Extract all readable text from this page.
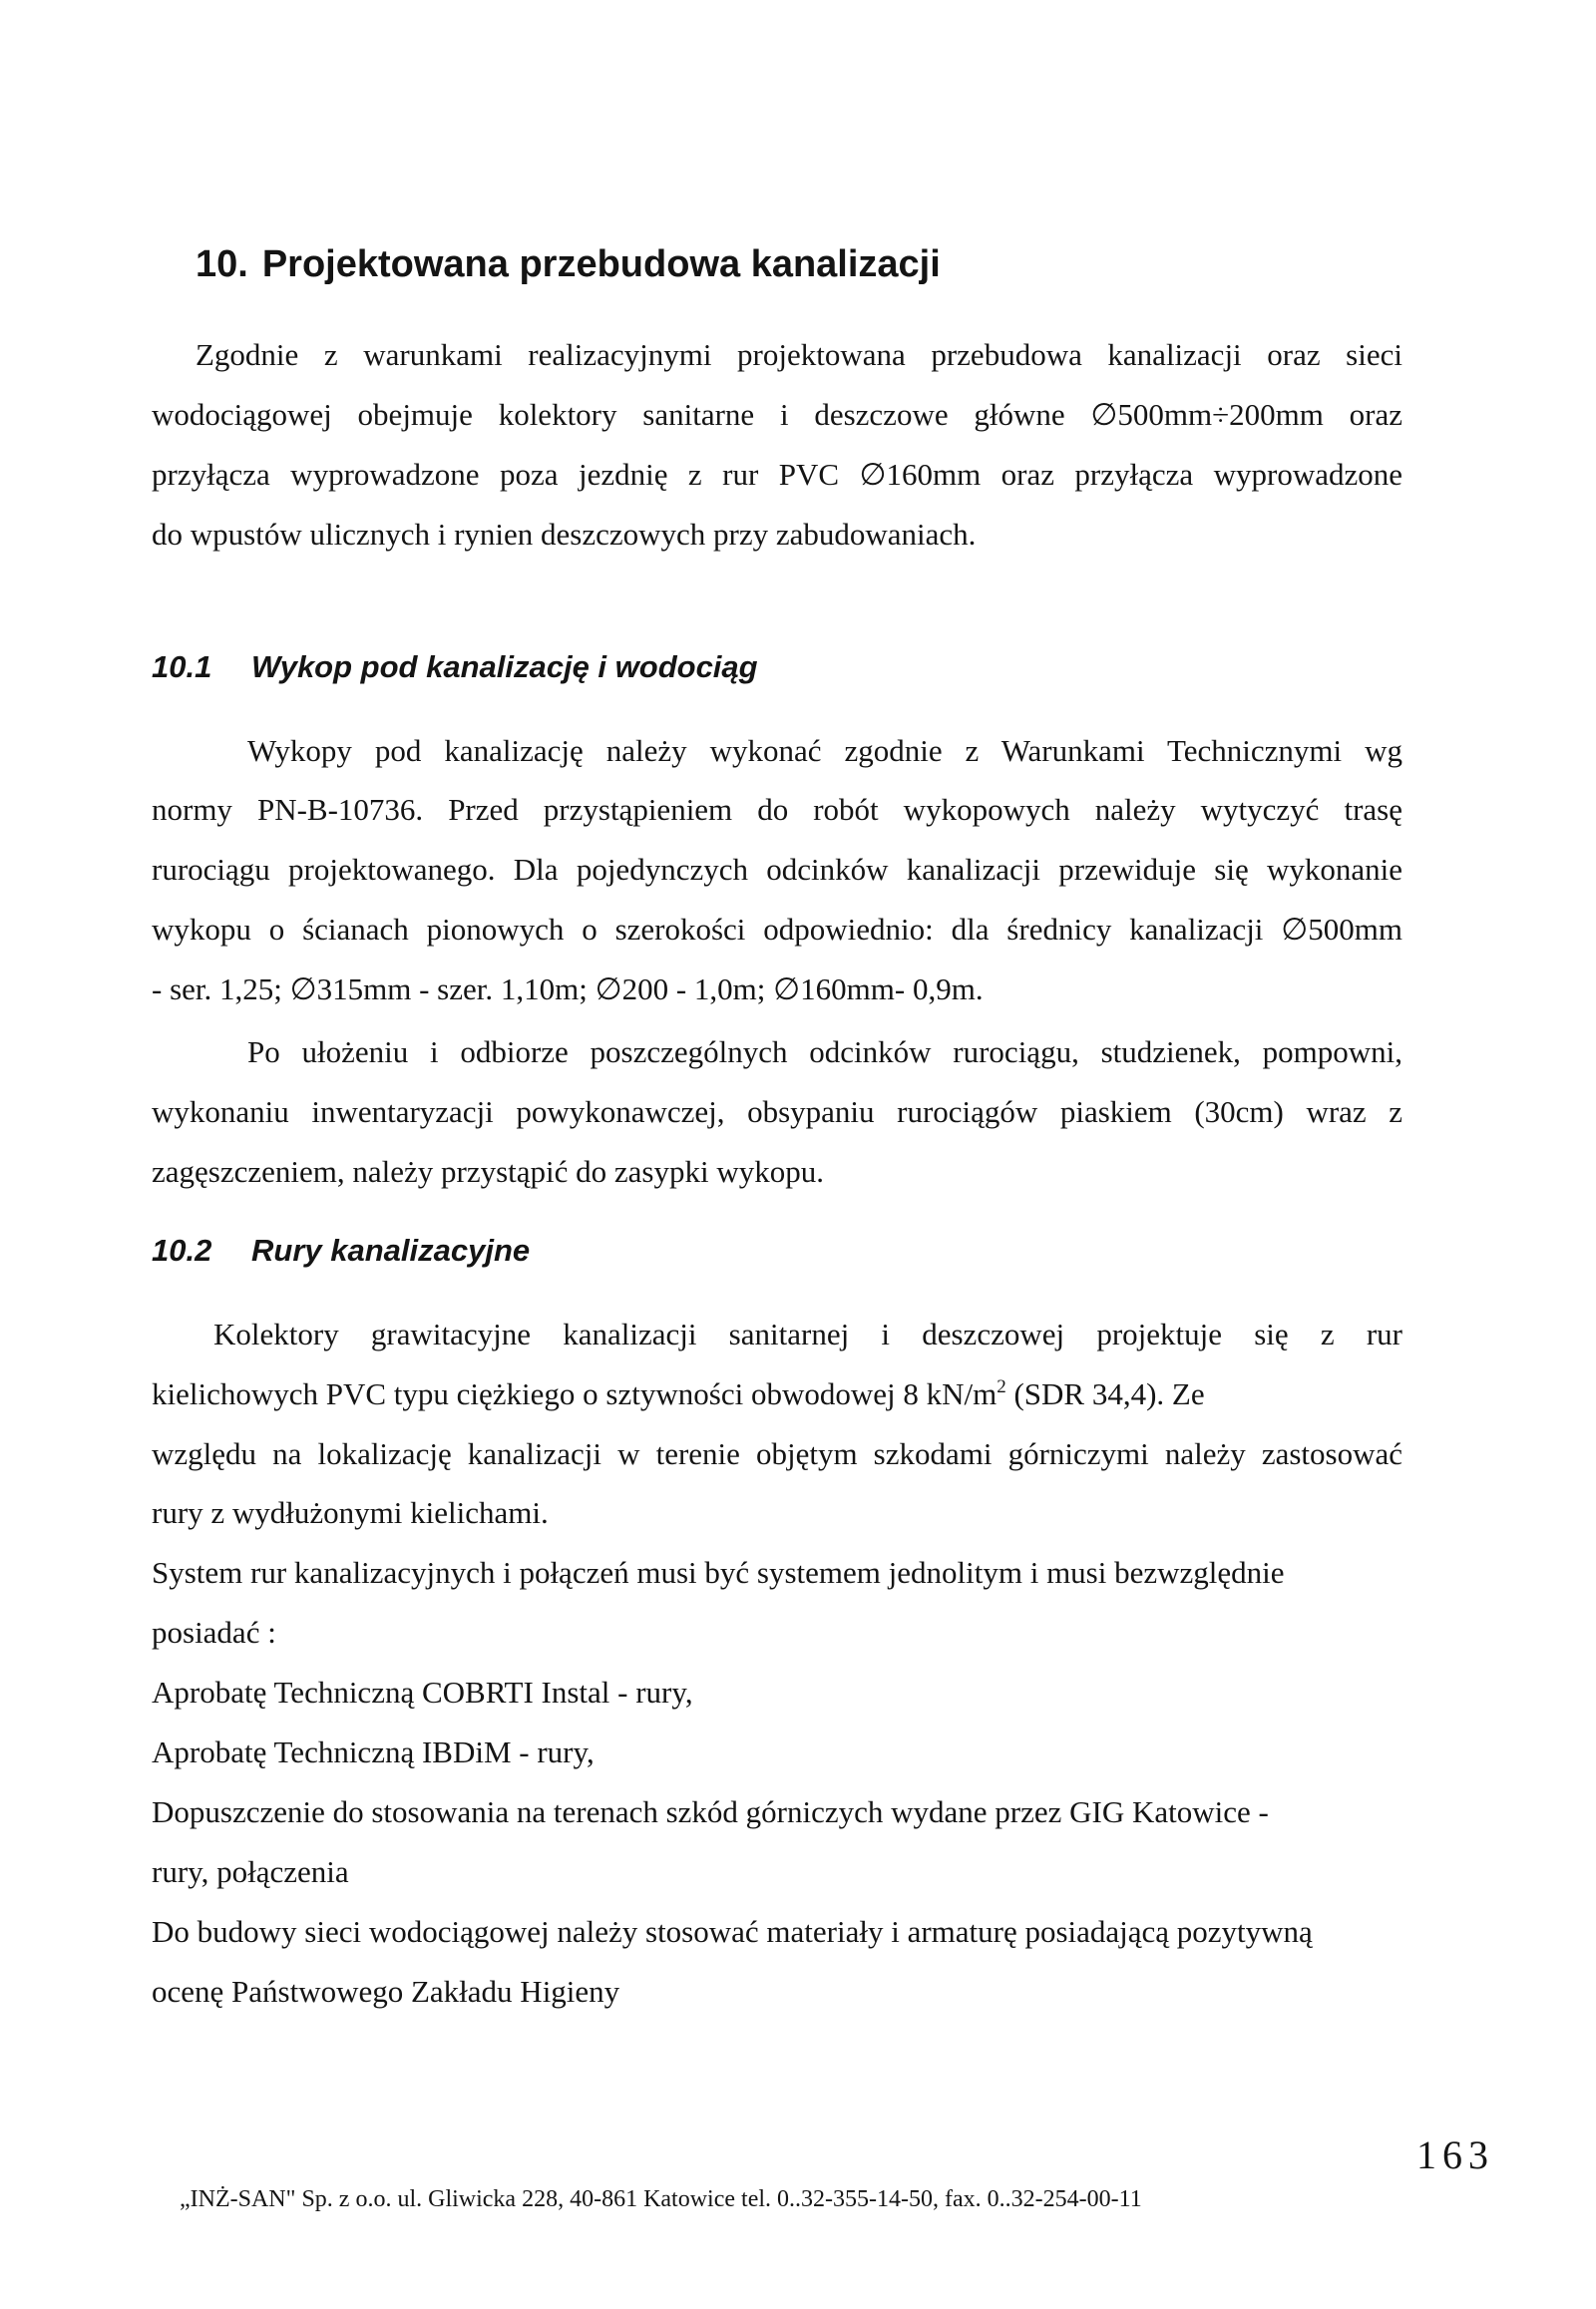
10. Projektowana przebudowa kanalizacji
Zgodnie z warunkami realizacyjnymi projektowana przebudowa kanalizacji oraz sieci
wodociągowej obejmuje kolektory sanitarne i deszczowe główne ∅500mm÷200mm oraz
przyłącza wyprowadzone poza jezdnię z rur PVC ∅160mm oraz przyłącza wyprowadzone
do wpustów ulicznych i rynien deszczowych przy zabudowaniach.
10.1 Wykop pod kanalizację i wodociąg
Wykopy pod kanalizację należy wykonać zgodnie z Warunkami Technicznymi wg
normy PN-B-10736. Przed przystąpieniem do robót wykopowych należy wytyczyć trasę
rurociągu projektowanego. Dla pojedynczych odcinków kanalizacji przewiduje się wykonanie
wykopu o ścianach pionowych o szerokości odpowiednio: dla średnicy kanalizacji ∅500mm
- ser. 1,25; ∅315mm - szer. 1,10m; ∅200 - 1,0m; ∅160mm- 0,9m.
Po ułożeniu i odbiorze poszczególnych odcinków rurociągu, studzienek, pompowni,
wykonaniu inwentaryzacji powykonawczej, obsypaniu rurociągów piaskiem (30cm) wraz z
zagęszczeniem, należy przystąpić do zasypki wykopu.
10.2 Rury kanalizacyjne
Kolektory grawitacyjne kanalizacji sanitarnej i deszczowej projektuje się z rur
kielichowych PVC typu ciężkiego o sztywności obwodowej 8 $kN/m^2$ (SDR 34,4). Ze
względu na lokalizację kanalizacji w terenie objętym szkodami górniczymi należy zastosować
rury z wydłużonymi kielichami.
System rur kanalizacyjnych i połączeń musi być systemem jednolitym i musi bezwzględnie
posiadać :
Aprobatę Techniczną COBRTI Instal - rury,
Aprobatę Techniczną IBDiM - rury,
Dopuszczenie do stosowania na terenach szkód górniczych wydane przez GIG Katowice -
rury, połączenia
Do budowy sieci wodociągowej należy stosować materiały i armaturę posiadającą pozytywną
ocenę Państwowego Zakładu Higieny
163
„INŻ-SAN" Sp. z o.o. ul. Gliwicka 228, 40-861 Katowice tel. 0..32-355-14-50, fax. 0..32-254-00-11
